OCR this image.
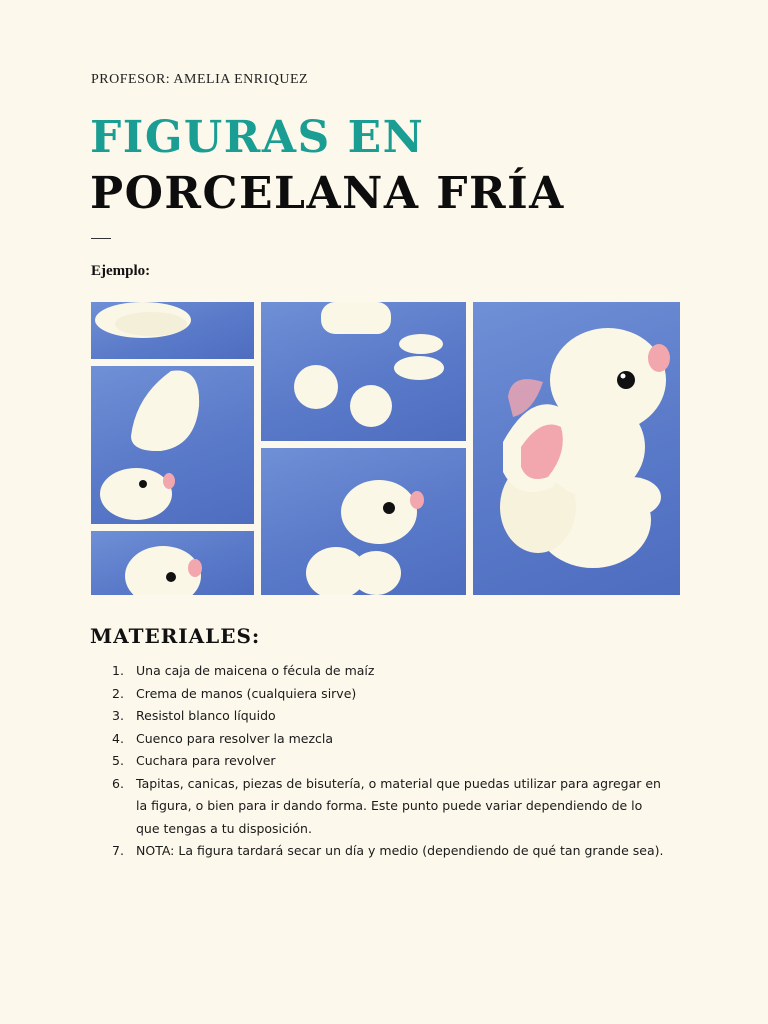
PROFESOR: AMELIA ENRIQUEZ
FIGURAS EN
PORCELANA FRÍA
Ejemplo:
MATERIALES:
1. Una caja de maicena o fécula de maíz
2. Crema de manos (cualquiera sirve)
3. Resistol blanco líquido
4. Cuenco para resolver la mezcla
5. Cuchara para revolver
6. Tapitas, canicas, piezas de bisutería, o material que puedas utilizar para agregar en la figura, o bien para ir dando forma. Este punto puede variar dependiendo de lo que tengas a tu disposición.
7. NOTA: La figura tardará secar un día y medio (dependiendo de qué tan grande sea).
